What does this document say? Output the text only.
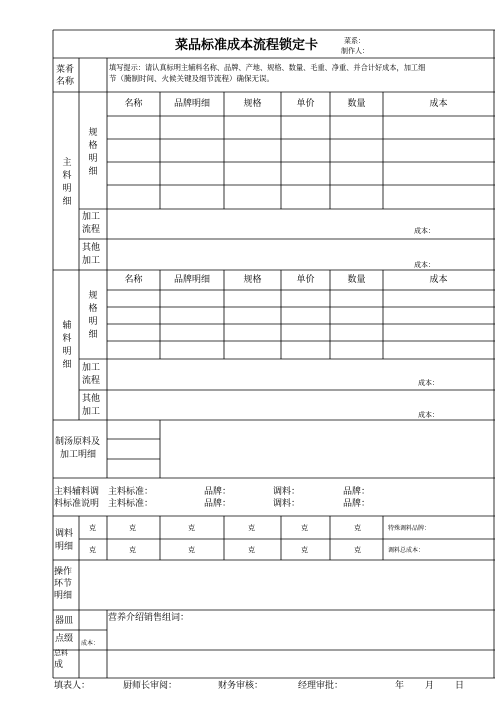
菜品标准成本流程锁定卡	菜系：
制作人：
菜肴
名称
填写提示：请认真标明主辅料名称、品牌、产地、规格、数量、毛重、净重、并合计好成本，加工细
节（腌制时间、火候关键及细节流程）确保无误。
名称	品牌明细	规格	单价	数量	成本
主
料
明
细
规
格
明
细
加工
流程	成本：
其他
加工	成本：
名称	品牌明细	规格	单价	数量	成本
辅
料
明
细
规
格
明
细
加工
流程	成本：
其他
加工	成本：
制汤原料及
加工明细
主料辅料调
料标准说明
主料标准：	品牌：	调料：	品牌：
主料标准：	品牌：	调料：	品牌：
调料
明细
克	克	克	克	克	克	特殊调料品牌：
克	克	克	克	克	克	调料总成本：
操作
环节
明细
器皿	营养介绍销售组词：
点缀 成本：
总料
成
填表人：	厨师长审阅：	财务审核：	经理审批：	年 月 日
